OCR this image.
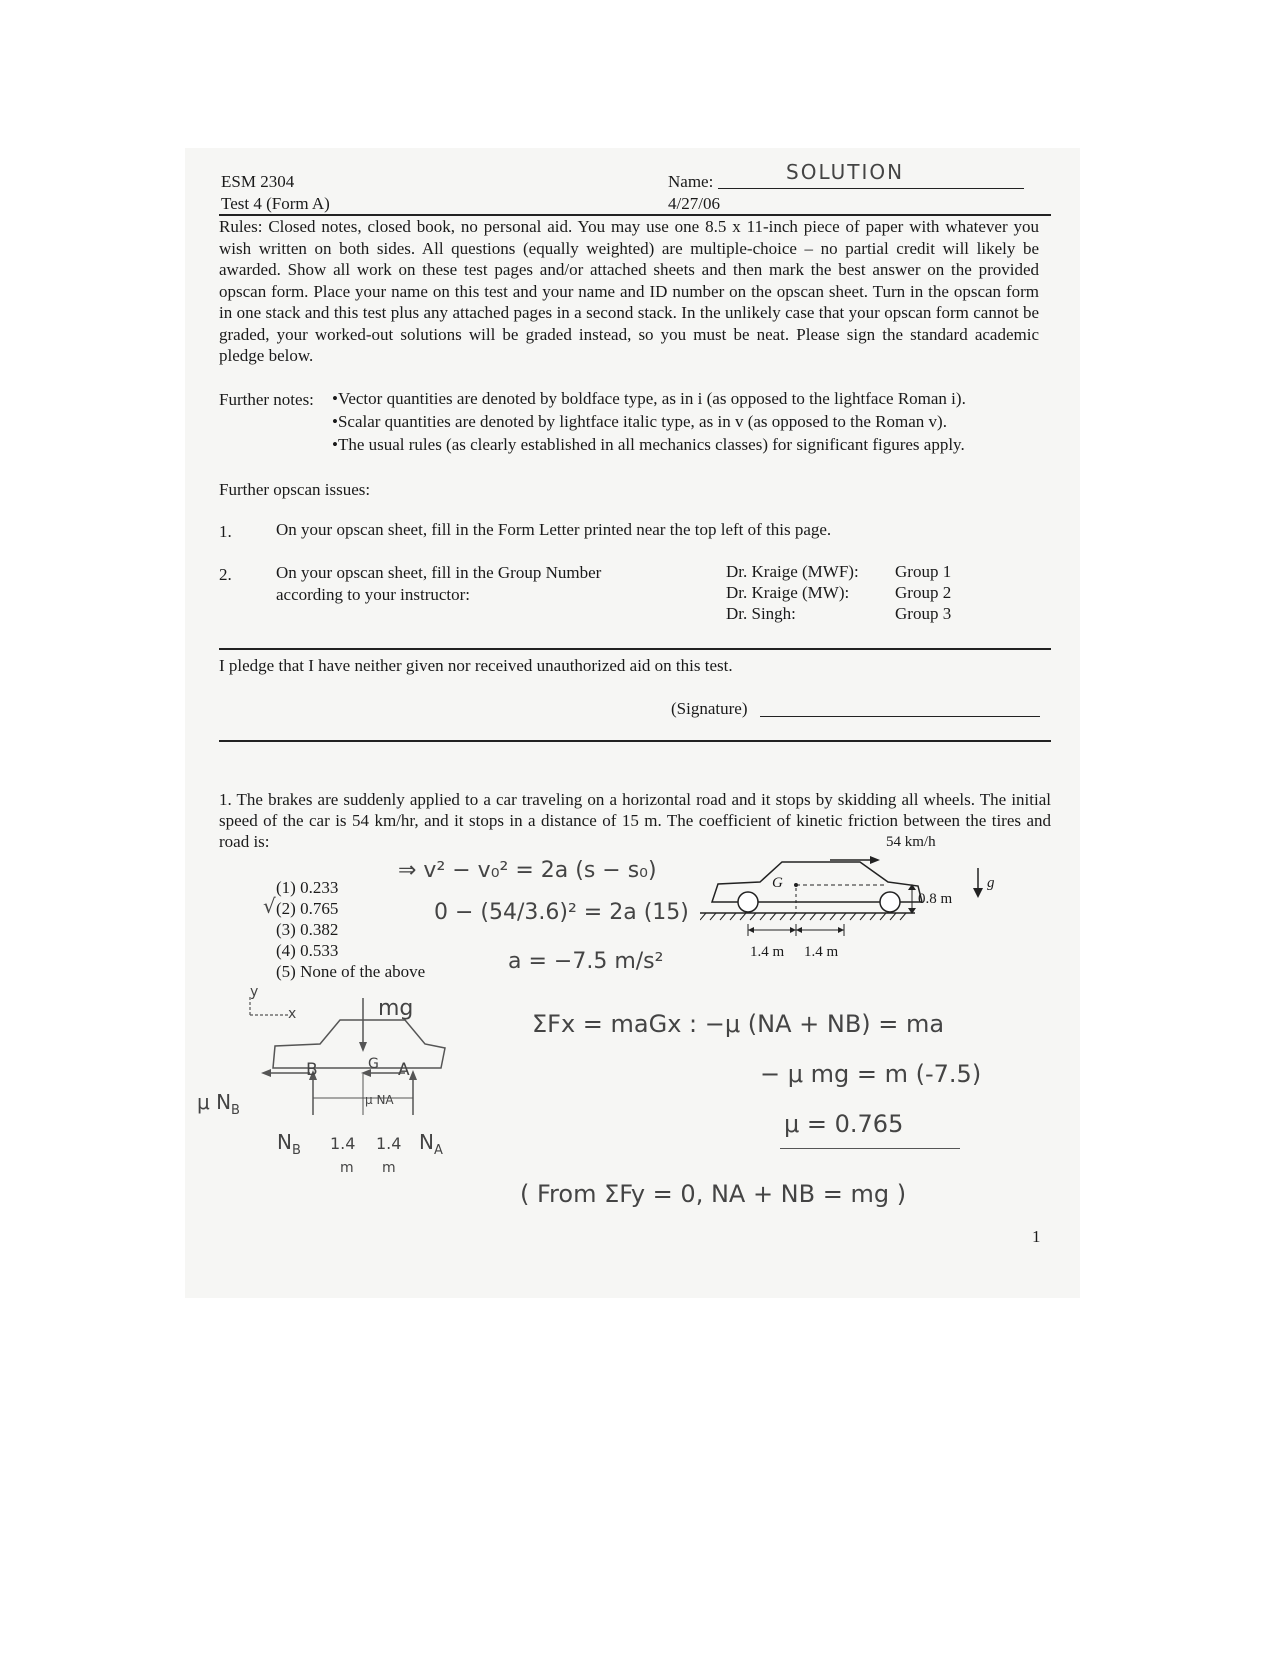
ESM 2304
Test 4 (Form A)
Name:	SOLUTION
4/27/06

Rules: Closed notes, closed book, no personal aid. You may use one 8.5 x 11-inch piece of paper with whatever you wish written on both sides. All questions (equally weighted) are multiple-choice – no partial credit will likely be awarded. Show all work on these test pages and/or attached sheets and then mark the best answer on the provided opscan form. Place your name on this test and your name and ID number on the opscan sheet. Turn in the opscan form in one stack and this test plus any attached pages in a second stack. In the unlikely case that your opscan form cannot be graded, your worked-out solutions will be graded instead, so you must be neat. Please sign the standard academic pledge below.

Further notes: •Vector quantities are denoted by boldface type, as in i (as opposed to the lightface Roman i).
•Scalar quantities are denoted by lightface italic type, as in v (as opposed to the Roman v).
•The usual rules (as clearly established in all mechanics classes) for significant figures apply.
Further opscan issues:
1.	On your opscan sheet, fill in the Form Letter printed near the top left of this page.
2.	On your opscan sheet, fill in the Group Number
according to your instructor:
Dr. Kraige (MWF): Group 1
Dr. Kraige (MW):	Group 2
Dr. Singh:	Group 3
I pledge that I have neither given nor received unauthorized aid on this test.
(Signature)
1. The brakes are suddenly applied to a car traveling on a horizontal road and it stops by skidding all wheels. The initial speed of the car is 54 km/hr, and it stops in a distance of 15 m. The coefficient of kinetic friction between the tires and road is:
(1) 0.233
(2) 0.765
√
(3) 0.382
(4) 0.533
(5) None of the above
54 km/h
G	g
0.8 m
1.4 m 1.4 m
⇒ v² − v₀² = 2a (s − s₀)
0 − (54/3.6)² = 2a (15)
a = −7.5 m/s²
y
x	mg
B	G A
μ $N_B$
μ NA
$N_B$	$N_A$
1.4 1.4
m m
ΣFx = maGx : −μ (NA + NB) = ma
− μ mg = m (-7.5)
μ = 0.765
( From ΣFy = 0, NA + NB = mg )
1
